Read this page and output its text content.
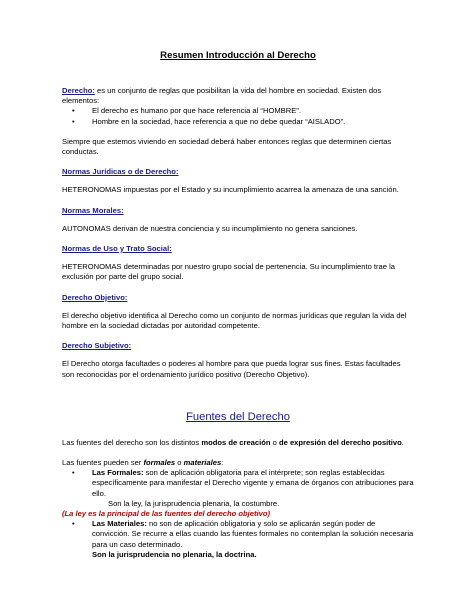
Resumen Introducción al Derecho

Derecho: es un conjunto de reglas que posibilitan la vida del hombre en sociedad. Existen dos elementos:

• El derecho es humano por que hace referencia al “HOMBRE”.
• Hombre en la sociedad, hace referencia a que no debe quedar “AISLADO”.

Siempre que estemos viviendo en sociedad deberá haber entonces reglas que determinen ciertas conductas.

Normas Jurídicas o de Derecho:

HETERONOMAS impuestas por el Estado y su incumplimiento acarrea la amenaza de una sanción.

Normas Morales:

AUTONOMAS derivan de nuestra conciencia y su incumplimiento no genera sanciones.

Normas de Uso y Trato Social:

HETERONOMAS determinadas por nuestro grupo social de pertenencia. Su incumplimiento trae la exclusión por parte del grupo social.

Derecho Objetivo:

El derecho objetivo identifica al Derecho como un conjunto de normas jurídicas que regulan la vida del hombre en la sociedad dictadas por autoridad competente.

Derecho Subjetivo:

El Derecho otorga facultades o poderes al hombre para que pueda lograr sus fines. Estas facultades son reconocidas por el ordenamiento jurídico positivo (Derecho Objetivo).

Fuentes del Derecho

Las fuentes del derecho son los distintos modos de creación o de expresión del derecho positivo.

Las fuentes pueden ser formales o materiales:

• Las Formales: son de aplicación obligatoria para el intérprete; son reglas establecidas específicamente para manifestar el Derecho vigente y emana de órganos con atribuciones para ello.

Son la ley, la jurisprudencia plenaria, la costumbre.

(La ley es la principal de las fuentes del derecho objetivo)

• Las Materiales: no son de aplicación obligatoria y solo se aplicarán según poder de convicción. Se recurre a ellas cuando las fuentes formales no contemplan la solución necesaria para un caso determinado.

Son la jurisprudencia no plenaria, la doctrina.
